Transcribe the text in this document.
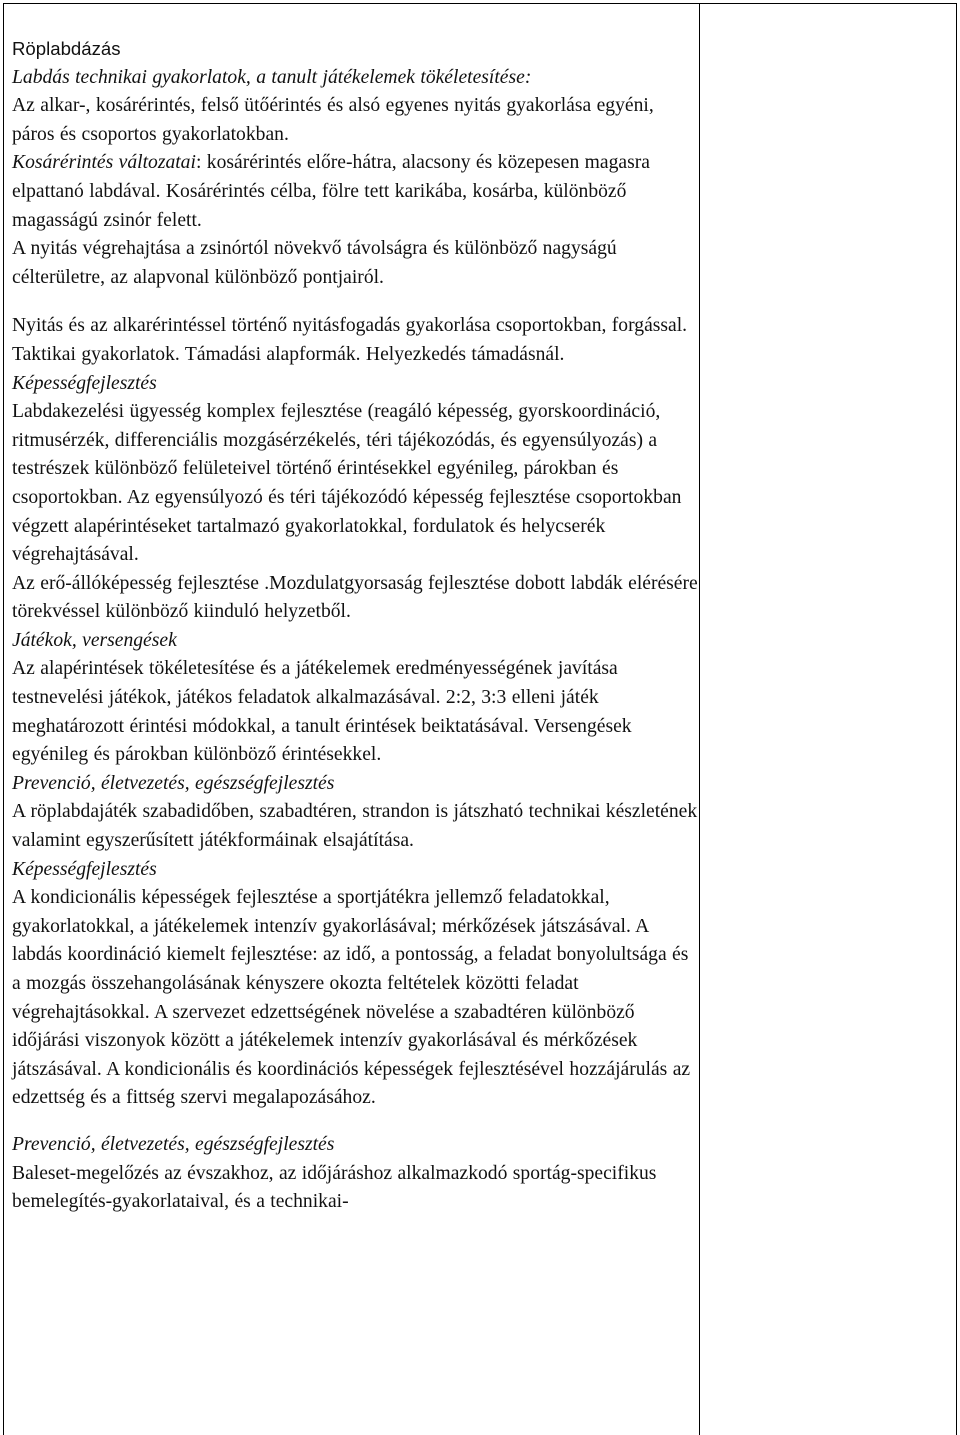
Röplabdázás

Labdás technikai gyakorlatok, a tanult játékelemek tökéletesítése:

Az alkar-, kosárérintés, felső ütőérintés és alsó egyenes nyitás gyakorlása egyéni, páros és csoportos gyakorlatokban.

Kosárérintés változatai: kosárérintés előre-hátra, alacsony és közepesen magasra elpattanó labdával. Kosárérintés célba, fölre tett karikába, kosárba, különböző magasságú zsinór felett.

A nyitás végrehajtása a zsinórtól növekvő távolságra és különböző nagyságú célterületre, az alapvonal különböző pontjairól.

Nyitás és az alkarérintéssel történő nyitásfogadás gyakorlása csoportokban, forgással.

Taktikai gyakorlatok. Támadási alapformák. Helyezkedés támadásnál.

Képességfejlesztés

Labdakezelési ügyesség komplex fejlesztése (reagáló képesség, gyorskoordináció, ritmusérzék, differenciális mozgásérzékelés, téri tájékozódás, és egyensúlyozás) a testrészek különböző felületeivel történő érintésekkel egyénileg, párokban és csoportokban. Az egyensúlyozó és téri tájékozódó képesség fejlesztése csoportokban végzett alapérintéseket tartalmazó gyakorlatokkal, fordulatok és helycserék végrehajtásával.

Az erő-állóképesség fejlesztése .Mozdulatgyorsaság fejlesztése dobott labdák elérésére törekvéssel különböző kiinduló helyzetből.

Játékok, versengések

Az alapérintések tökéletesítése és a játékelemek eredményességének javítása testnevelési játékok, játékos feladatok alkalmazásával. 2:2, 3:3 elleni játék meghatározott érintési módokkal, a tanult érintések beiktatásával. Versengések egyénileg és párokban különböző érintésekkel.

Prevenció, életvezetés, egészségfejlesztés

A röplabdajáték szabadidőben, szabadtéren, strandon is játszható technikai készletének valamint egyszerűsített játékformáinak elsajátítása.

Képességfejlesztés

A kondicionális képességek fejlesztése a sportjátékra jellemző feladatokkal, gyakorlatokkal, a játékelemek intenzív gyakorlásával; mérkőzések játszásával. A labdás koordináció kiemelt fejlesztése: az idő, a pontosság, a feladat bonyolultsága és a mozgás összehangolásának kényszere okozta feltételek közötti feladat végrehajtásokkal. A szervezet edzettségének növelése a szabadtéren különböző időjárási viszonyok között a játékelemek intenzív gyakorlásával és mérkőzések játszásával. A kondicionális és koordinációs képességek fejlesztésével hozzájárulás az edzettség és a fittség szervi megalapozásához.

Prevenció, életvezetés, egészségfejlesztés

Baleset-megelőzés az évszakhoz, az időjáráshoz alkalmazkodó sportág-specifikus bemelegítés-gyakorlataival, és a technikai-
